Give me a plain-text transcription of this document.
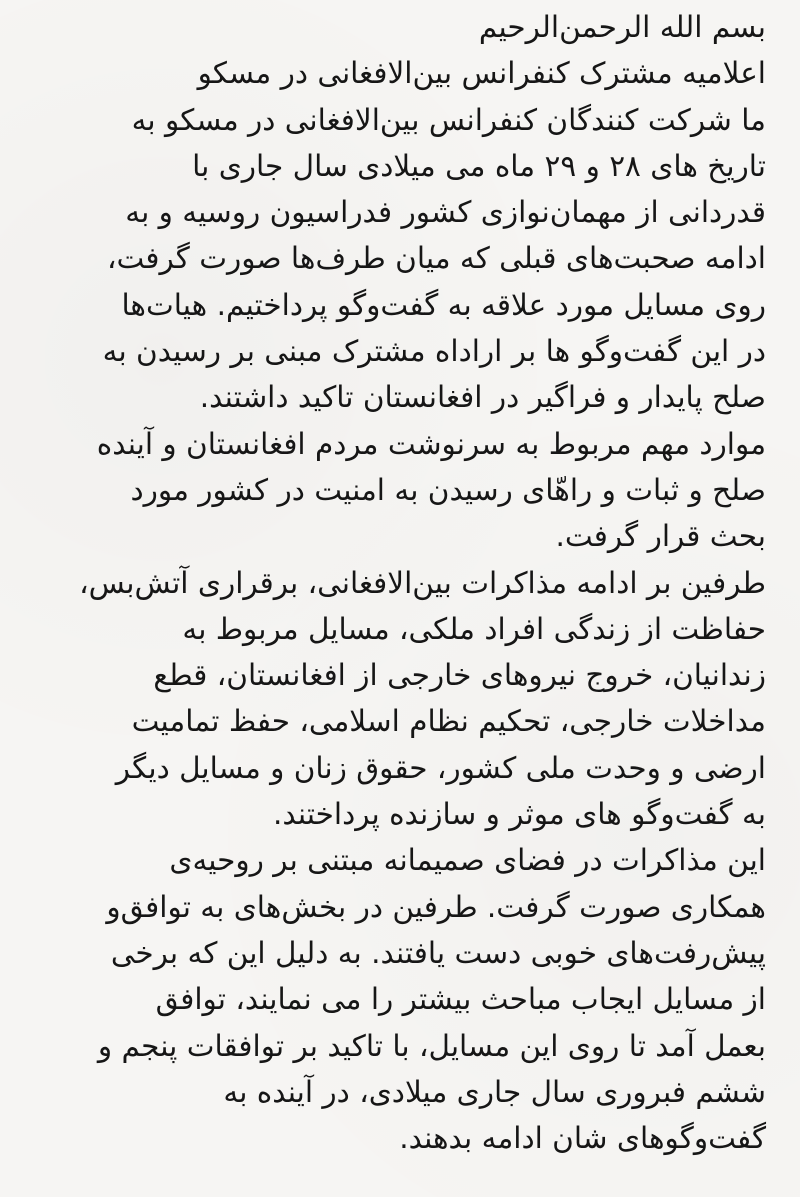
بسم الله الرحمن‌الرحیم
اعلامیه مشترک کنفرانس بین‌الافغانی در مسکو
ما شرکت کنندگان کنفرانس بین‌الافغانی در مسکو به
تاریخ های ۲۸ و ۲۹ ماه می میلادی سال جاری با
قدردانی از مهمان‌نوازی کشور فدراسیون روسیه و به
ادامه صحبت‌های قبلی که میان طرف‌ها صورت گرفت،
روی مسایل مورد علاقه به گفت‌وگو پرداختیم. هیات‌ها
در این گفت‌وگو ها بر اراداه مشترک مبنی بر رسیدن به
صلح پایدار و فراگیر در افغانستان تاکید داشتند.
موارد مهم مربوط به سرنوشت مردم افغانستان و آینده
صلح و ثبات و راهّای رسیدن به امنیت در کشور مورد
بحث قرار گرفت.
طرفین بر ادامه مذاکرات بین‌الافغانی، برقراری آتش‌بس،
حفاظت از زندگی افراد ملکی، مسایل مربوط به
زندانیان، خروج نیروهای خارجی از افغانستان، قطع
مداخلات خارجی، تحکیم نظام اسلامی، حفظ تمامیت
ارضی و وحدت ملی کشور، حقوق زنان و مسایل دیگر
به گفت‌وگو های موثر و سازنده پرداختند.
این مذاکرات در فضای صمیمانه مبتنی بر روحیه‌ی
همکاری صورت گرفت. طرفین در بخش‌های به توافق‌و
پیش‌رفت‌های خوبی دست یافتند. به دلیل این که برخی
از مسایل ایجاب مباحث بیشتر را می نمایند، توافق
بعمل آمد تا روی این مسایل، با تاکید بر توافقات پنجم و
ششم فبروری سال جاری میلادی، در آینده به
گفت‌وگوهای شان ادامه بدهند.
